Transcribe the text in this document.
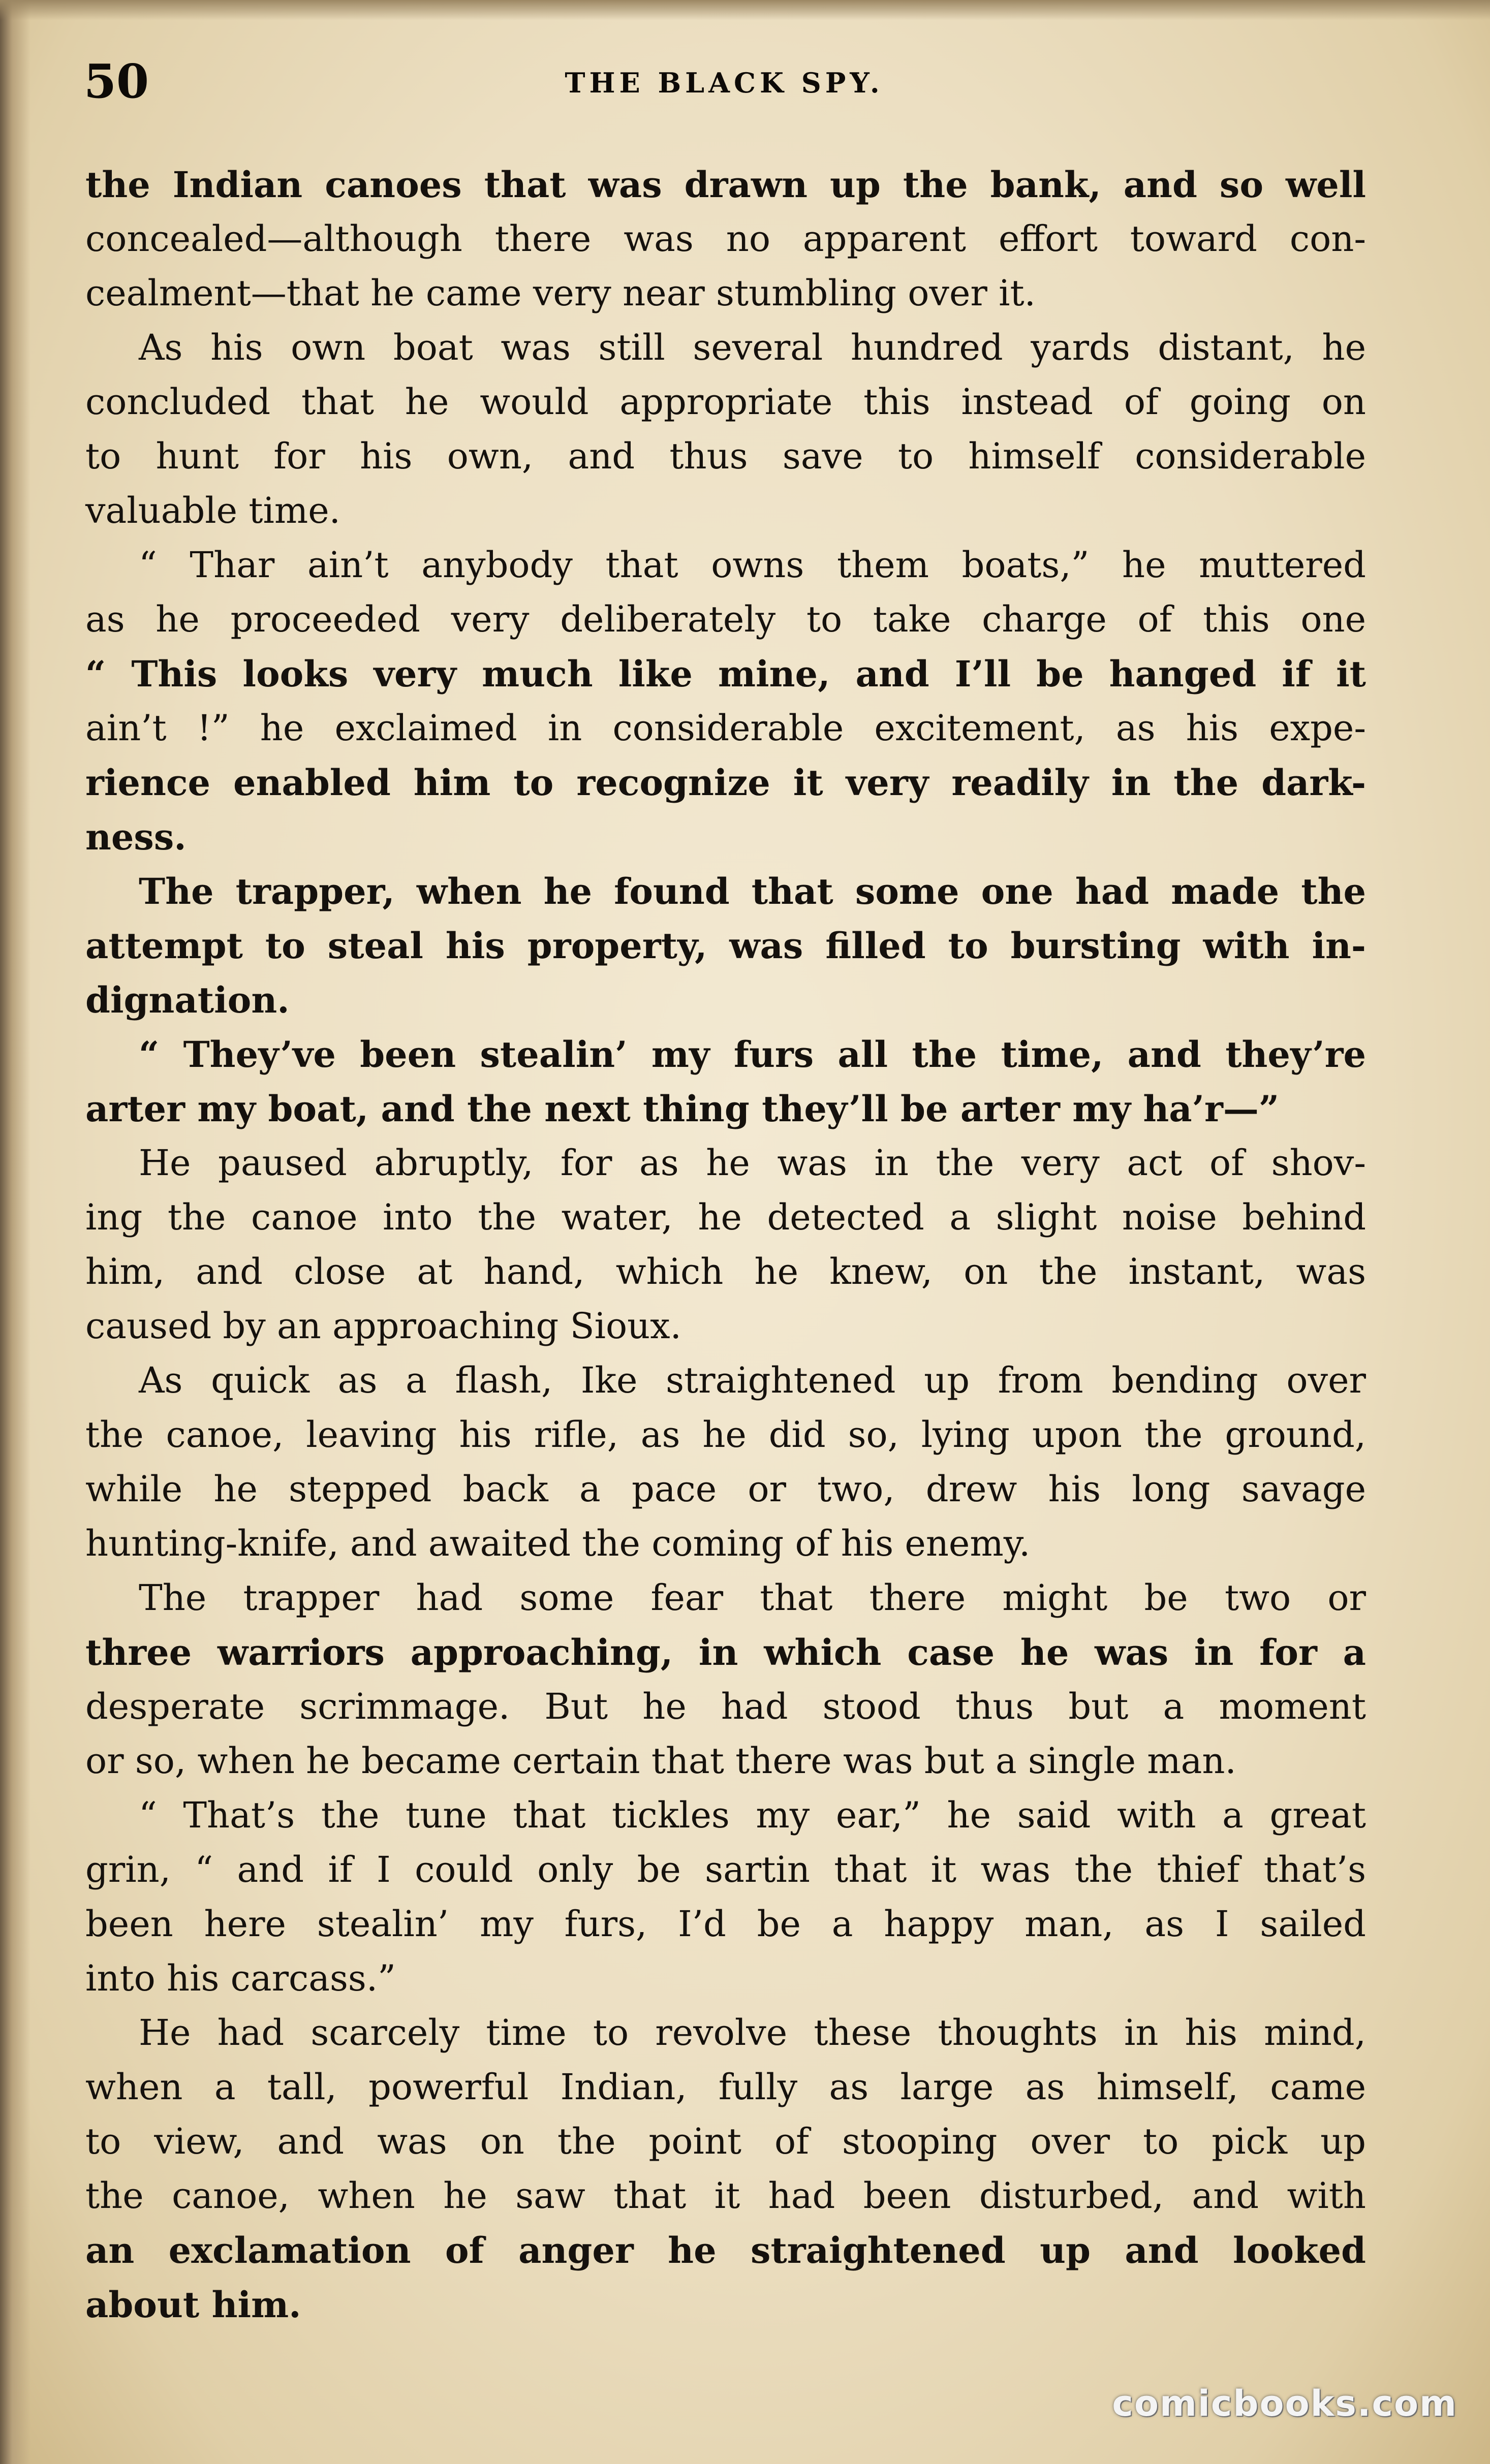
50	THE BLACK SPY.
the Indian canoes that was drawn up the bank, and so well
concealed—although there was no apparent effort toward con-
cealment—that he came very near stumbling over it.
As his own boat was still several hundred yards distant, he
concluded that he would appropriate this instead of going on
to hunt for his own, and thus save to himself considerable
valuable time.
“ Thar ain’t anybody that owns them boats,” he muttered
as he proceeded very deliberately to take charge of this one
“ This looks very much like mine, and I’ll be hanged if it
ain’t !” he exclaimed in considerable excitement, as his expe-
rience enabled him to recognize it very readily in the dark-
ness.
The trapper, when he found that some one had made the
attempt to steal his property, was filled to bursting with in-
dignation.
“ They’ve been stealin’ my furs all the time, and they’re
arter my boat, and the next thing they’ll be arter my ha’r—”
He paused abruptly, for as he was in the very act of shov-
ing the canoe into the water, he detected a slight noise behind
him, and close at hand, which he knew, on the instant, was
caused by an approaching Sioux.
As quick as a flash, Ike straightened up from bending over
the canoe, leaving his rifle, as he did so, lying upon the ground,
while he stepped back a pace or two, drew his long savage
hunting-knife, and awaited the coming of his enemy.
The trapper had some fear that there might be two or
three warriors approaching, in which case he was in for a
desperate scrimmage. But he had stood thus but a moment
or so, when he became certain that there was but a single man.
“ That’s the tune that tickles my ear,” he said with a great
grin, “ and if I could only be sartin that it was the thief that’s
been here stealin’ my furs, I’d be a happy man, as I sailed
into his carcass.”
He had scarcely time to revolve these thoughts in his mind,
when a tall, powerful Indian, fully as large as himself, came
to view, and was on the point of stooping over to pick up
the canoe, when he saw that it had been disturbed, and with
an exclamation of anger he straightened up and looked
about him.
comicbooks.com
